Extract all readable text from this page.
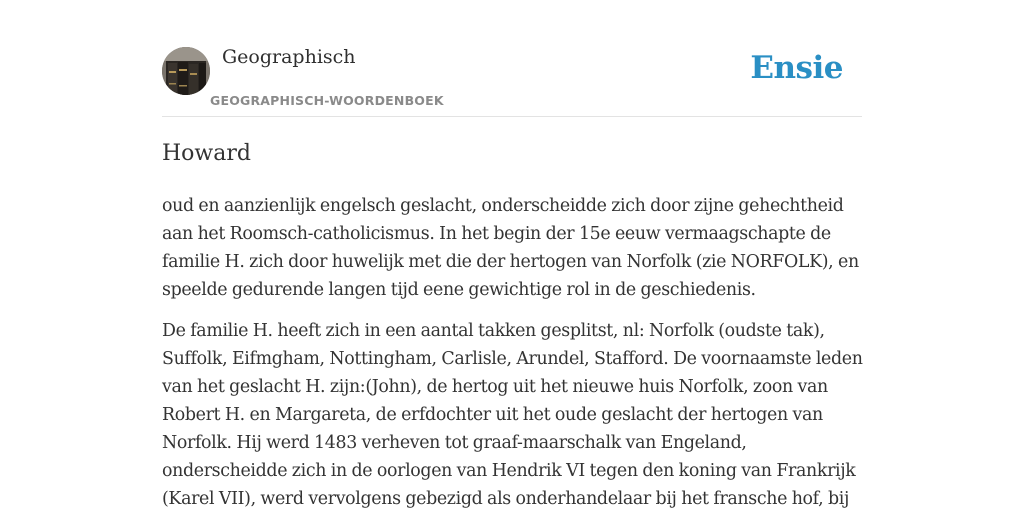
Geographisch
GEOGRAPHISCH-WOORDENBOEK
Ensie
Howard

oud en aanzienlijk engelsch geslacht, onderscheidde zich door zijne gehechtheid aan het Roomsch-catholicismus. In het begin der 15e eeuw vermaagschapte de familie H. zich door huwelijk met die der hertogen van Norfolk (zie NORFOLK), en speelde gedurende langen tijd eene gewichtige rol in de geschiedenis.

De familie H. heeft zich in een aantal takken gesplitst, nl: Norfolk (oudste tak), Suffolk, Eifmgham, Nottingham, Carlisle, Arundel, Stafford. De voornaamste leden van het geslacht H. zijn:(John), de hertog uit het nieuwe huis Norfolk, zoon van Robert H. en Margareta, de erfdochter uit het oude geslacht der hertogen van Norfolk. Hij werd 1483 verheven tot graaf-maarschalk van Engeland, onderscheidde zich in de oorlogen van Hendrik VI tegen den koning van Frankrijk (Karel VII), werd vervolgens gebezigd als onderhandelaar bij het fransche hof, bij
